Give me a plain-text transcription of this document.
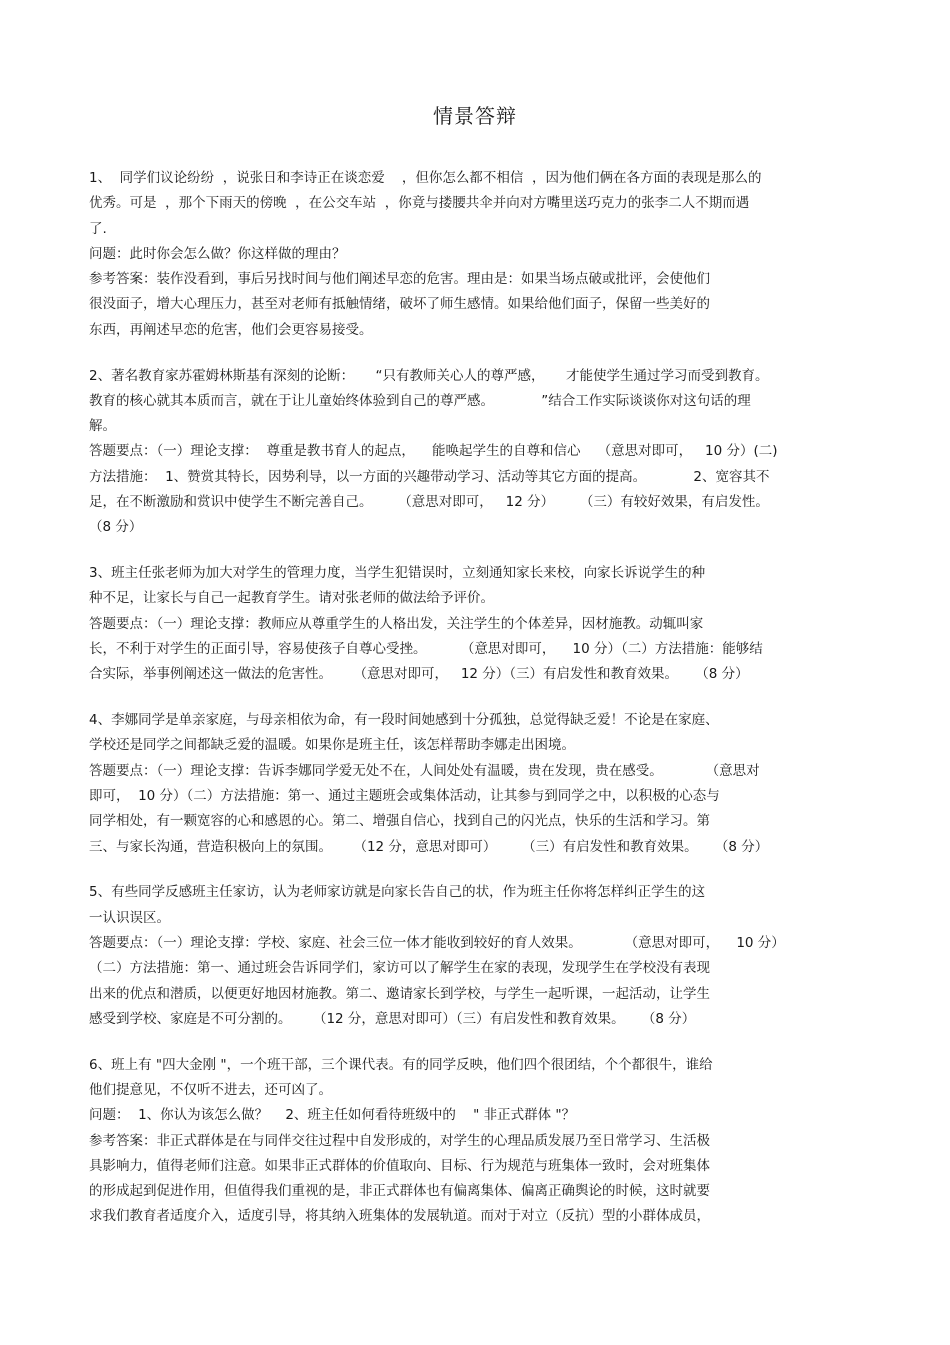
情景答辩
1、  同学们议论纷纷  ，说张日和李诗正在谈恋爱    ，但你怎么都不相信  ，因为他们俩在各方面的表现是那么的
优秀。可是  ，那个下雨天的傍晚  ，在公交车站  ，你竟与搂腰共伞并向对方嘴里送巧克力的张李二人不期而遇
了.
问题：此时你会怎么做？你这样做的理由？
参考答案：装作没看到，事后另找时间与他们阐述早恋的危害。理由是：如果当场点破或批评，会使他们
很没面子，增大心理压力，甚至对老师有抵触情绪，破坏了师生感情。如果给他们面子，保留一些美好的
东西，再阐述早恋的危害，他们会更容易接受。
2、著名教育家苏霍姆林斯基有深刻的论断：     “只有教师关心人的尊严感，     才能使学生通过学习而受到教育。
教育的核心就其本质而言，就在于让儿童始终体验到自己的尊严感。           ”结合工作实际谈谈你对这句话的理
解。
答题要点：（一）理论支撑：  尊重是教书育人的起点，    能唤起学生的自尊和信心    （意思对即可，   10 分）(二)
方法措施：  1、赞赏其特长，因势利导，以一方面的兴趣带动学习、活动等其它方面的提高。           2、宽容其不
足，在不断激励和赏识中使学生不断完善自己。      （意思对即可，   12 分）      （三）有较好效果，有启发性。
（8 分）
3、班主任张老师为加大对学生的管理力度，当学生犯错误时，立刻通知家长来校，向家长诉说学生的种
种不足，让家长与自己一起教育学生。请对张老师的做法给予评价。
答题要点：（一）理论支撑：教师应从尊重学生的人格出发，关注学生的个体差异，因材施教。动辄叫家
长，不利于对学生的正面引导，容易使孩子自尊心受挫。        （意思对即可，    10 分）（二）方法措施：能够结
合实际，举事例阐述这一做法的危害性。     （意思对即可，   12 分）（三）有启发性和教育效果。    （8 分）
4、李娜同学是单亲家庭，与母亲相依为命，有一段时间她感到十分孤独，总觉得缺乏爱！不论是在家庭、
学校还是同学之间都缺乏爱的温暖。如果你是班主任，该怎样帮助李娜走出困境。
答题要点：（一）理论支撑：告诉李娜同学爱无处不在，人间处处有温暖，贵在发现，贵在感受。          （意思对
即可，  10 分）（二）方法措施：第一、通过主题班会或集体活动，让其参与到同学之中，以积极的心态与
同学相处，有一颗宽容的心和感恩的心。第二、增强自信心，找到自己的闪光点，快乐的生活和学习。第
三、与家长沟通，营造积极向上的氛围。     （12 分，意思对即可）      （三）有启发性和教育效果。    （8 分）
5、有些同学反感班主任家访，认为老师家访就是向家长告自己的状，作为班主任你将怎样纠正学生的这
一认识误区。
答题要点：（一）理论支撑：学校、家庭、社会三位一体才能收到较好的育人效果。          （意思对即可，    10 分）
（二）方法措施：第一、通过班会告诉同学们，家访可以了解学生在家的表现，发现学生在学校没有表现
出来的优点和潜质，以便更好地因材施教。第二、邀请家长到学校，与学生一起听课，一起活动，让学生
感受到学校、家庭是不可分割的。     （12 分，意思对即可）（三）有启发性和教育效果。    （8 分）
6、班上有 "四大金刚 "，一个班干部，三个课代表。有的同学反映，他们四个很团结，个个都很牛，谁给
他们提意见，不仅听不进去，还可凶了。
问题：  1、你认为该怎么做？    2、班主任如何看待班级中的    " 非正式群体 "？
参考答案：非正式群体是在与同伴交往过程中自发形成的，对学生的心理品质发展乃至日常学习、生活极
具影响力，值得老师们注意。如果非正式群体的价值取向、目标、行为规范与班集体一致时，会对班集体
的形成起到促进作用，但值得我们重视的是，非正式群体也有偏离集体、偏离正确舆论的时候，这时就要
求我们教育者适度介入，适度引导，将其纳入班集体的发展轨道。而对于对立（反抗）型的小群体成员，
